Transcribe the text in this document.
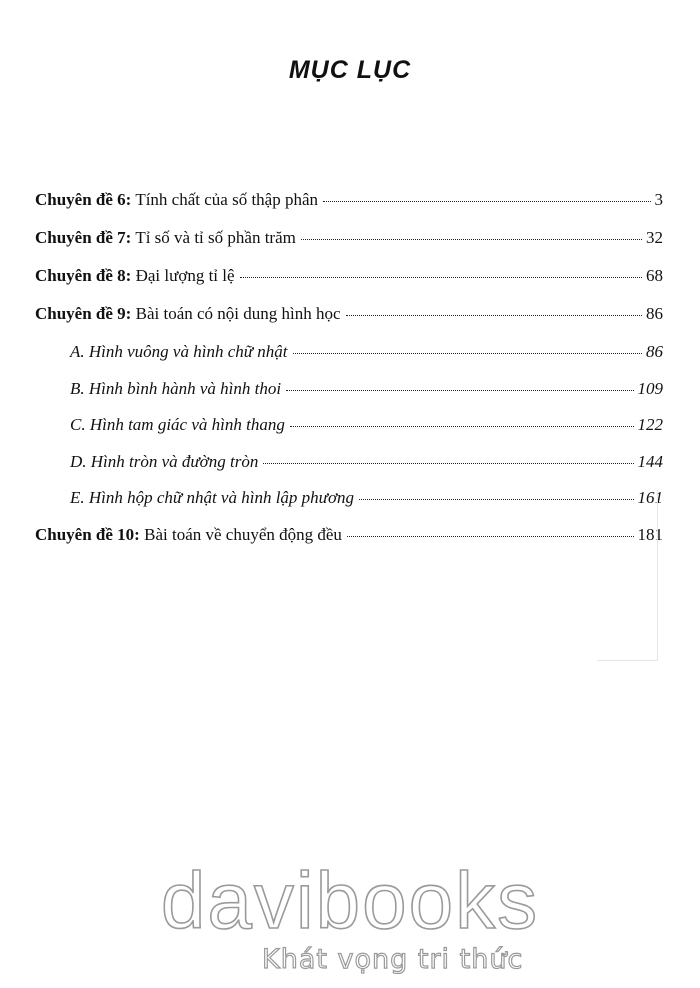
MỤC LỤC
Chuyên đề 6: Tính chất của số thập phân	3
Chuyên đề 7: Tỉ số và tỉ số phần trăm	32
Chuyên đề 8: Đại lượng tỉ lệ	68
Chuyên đề 9: Bài toán có nội dung hình học	86
A. Hình vuông và hình chữ nhật	86
B. Hình bình hành và hình thoi	109
C. Hình tam giác và hình thang	122
D. Hình tròn và đường tròn	144
E. Hình hộp chữ nhật và hình lập phương	161
Chuyên đề 10: Bài toán về chuyển động đều	181
davibooks
Khát vọng tri thức
